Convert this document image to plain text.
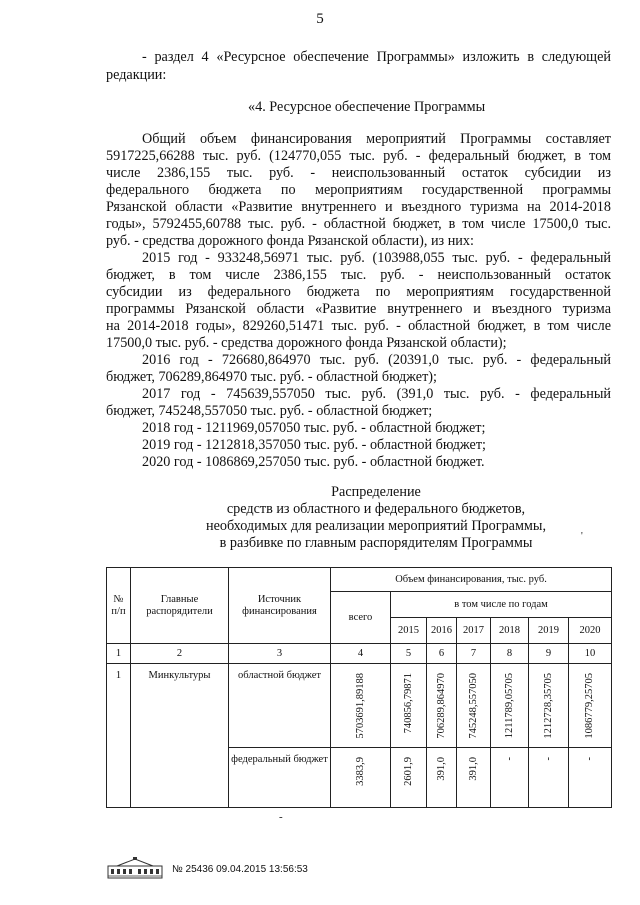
5
- раздел 4 «Ресурсное обеспечение Программы» изложить в следующей
редакции:
«4. Ресурсное обеспечение Программы
Общий объем финансирования мероприятий Программы составляет
5917225,66288 тыс. руб. (124770,055 тыс. руб. - федеральный бюджет, в том
числе 2386,155 тыс. руб. - неиспользованный остаток субсидии из
федерального бюджета по мероприятиям государственной программы
Рязанской области «Развитие внутреннего и въездного туризма на 2014-2018
годы», 5792455,60788 тыс. руб. - областной бюджет, в том числе 17500,0 тыс.
руб. - средства дорожного фонда Рязанской области), из них:
2015 год - 933248,56971 тыс. руб. (103988,055 тыс. руб. - федеральный
бюджет, в том числе 2386,155 тыс. руб. - неиспользованный остаток
субсидии из федерального бюджета по мероприятиям государственной
программы Рязанской области «Развитие внутреннего и въездного туризма
на 2014-2018 годы», 829260,51471 тыс. руб. - областной бюджет, в том числе
17500,0 тыс. руб. - средства дорожного фонда Рязанской области);
2016 год - 726680,864970 тыс. руб. (20391,0 тыс. руб. - федеральный
бюджет, 706289,864970 тыс. руб. - областной бюджет);
2017 год - 745639,557050 тыс. руб. (391,0 тыс. руб. - федеральный
бюджет, 745248,557050 тыс. руб. - областной бюджет;
2018 год - 1211969,057050 тыс. руб. - областной бюджет;
2019 год - 1212818,357050 тыс. руб. - областной бюджет;
2020 год - 1086869,257050 тыс. руб. - областной бюджет.
Распределение
средств из областного и федерального бюджетов,
необходимых для реализации мероприятий Программы,
в разбивке по главным распорядителям Программы	'
№ п/п	Главные распорядители	Источник финансирования	Объем финансирования, тыс. руб.						
			всего	в том числе по годам					
				2015	2016	2017	2018	2019	2020
1	2	3	4	5	6	7	8	9	10
1	Минкультуры	областной бюджет	5703691,89188	740856,79871	706289,864970	745248,557050	1211789,05705	1212728,35705	1086779,25705
		федеральный бюджет	3383,9	2601,9	391,0	391,0	-	-	-
-
№ 25436 09.04.2015 13:56:53
